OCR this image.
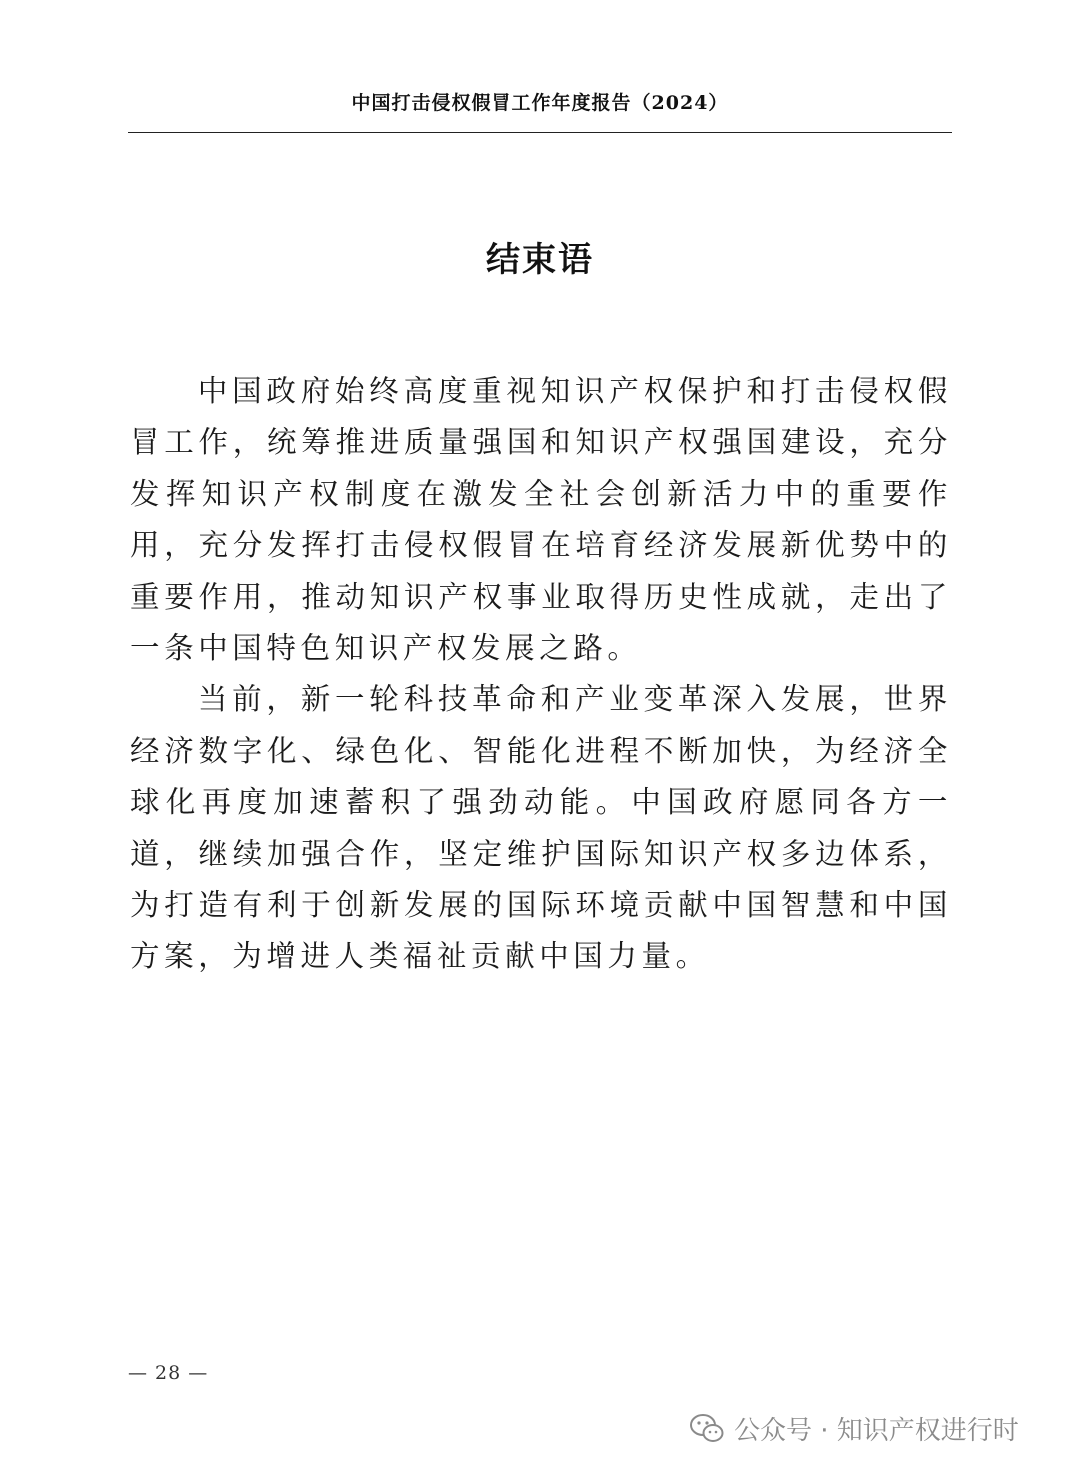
中国打击侵权假冒工作年度报告（2024）
结束语

中国政府始终高度重视知识产权保护和打击侵权假冒工作，统筹推进质量强国和知识产权强国建设，充分发挥知识产权制度在激发全社会创新活力中的重要作用，充分发挥打击侵权假冒在培育经济发展新优势中的重要作用，推动知识产权事业取得历史性成就，走出了一条中国特色知识产权发展之路。

当前，新一轮科技革命和产业变革深入发展，世界经济数字化、绿色化、智能化进程不断加快，为经济全球化再度加速蓄积了强劲动能。中国政府愿同各方一道，继续加强合作，坚定维护国际知识产权多边体系，为打造有利于创新发展的国际环境贡献中国智慧和中国方案，为增进人类福祉贡献中国力量。

— 28 —
公众号 · 知识产权进行时
